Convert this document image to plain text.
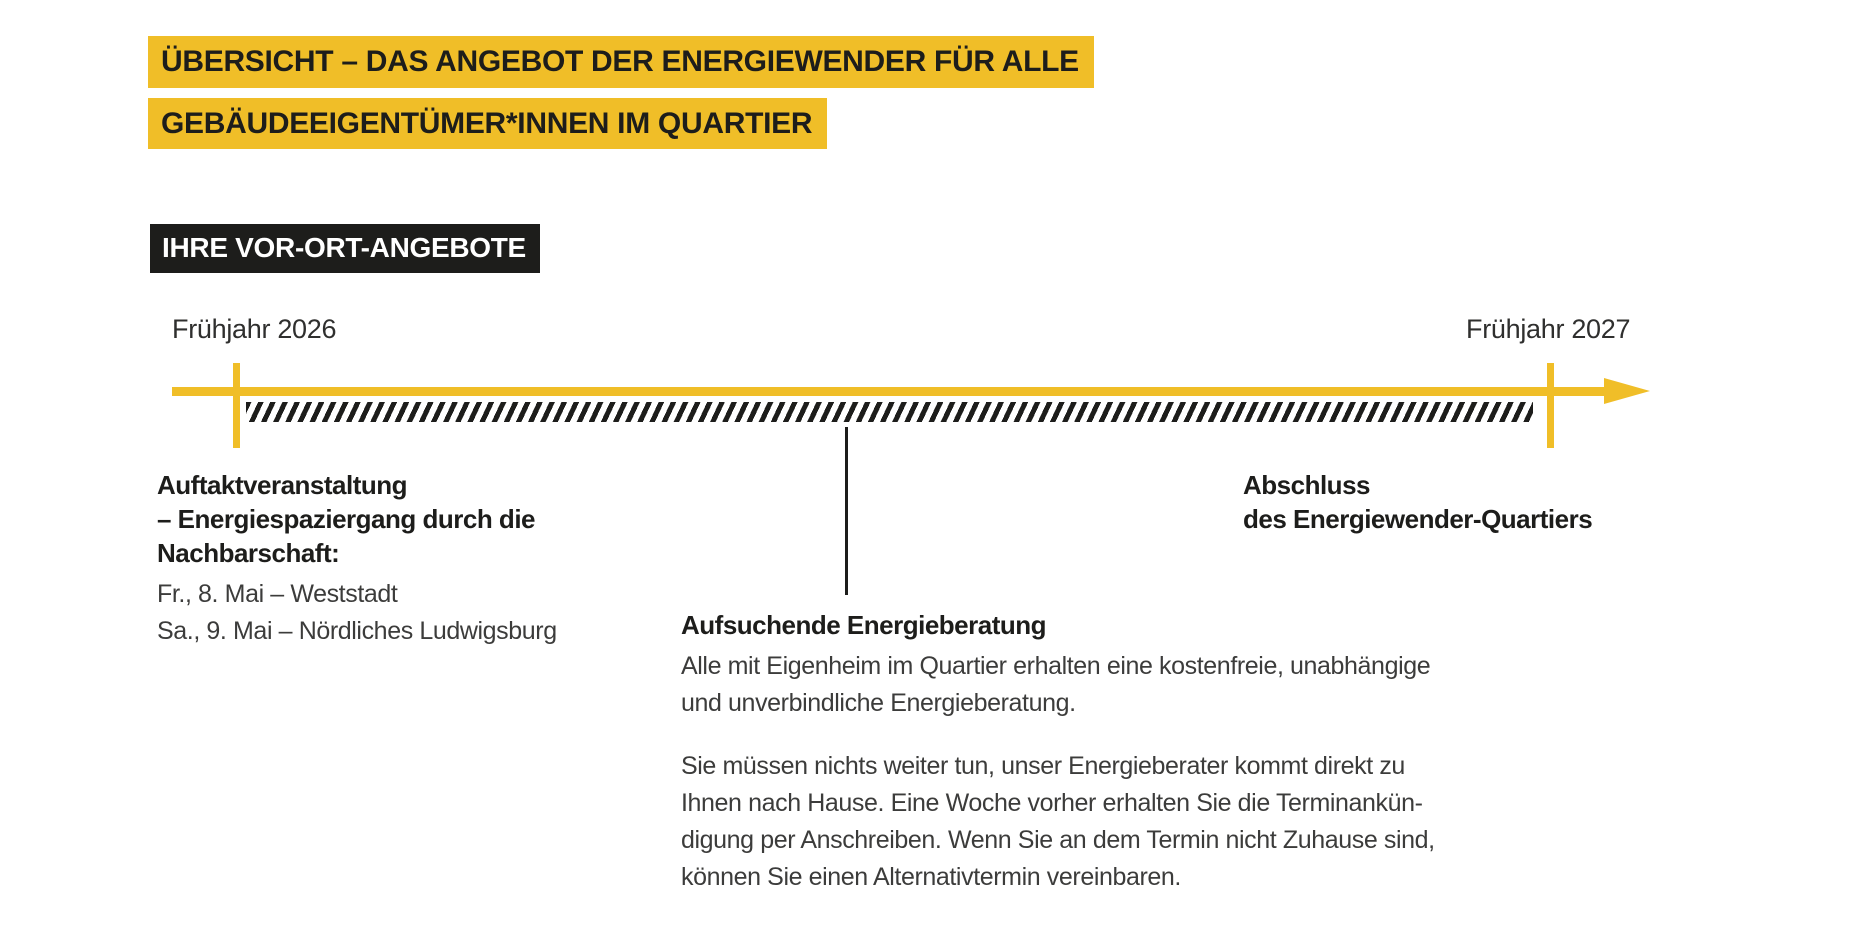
ÜBERSICHT – DAS ANGEBOT DER ENERGIEWENDER FÜR ALLE
GEBÄUDEEIGENTÜMER*INNEN IM QUARTIER
IHRE VOR-ORT-ANGEBOTE
Frühjahr 2026	Frühjahr 2027
Auftaktveranstaltung
– Energiespaziergang durch die
Nachbarschaft:
Fr., 8. Mai – Weststadt
Sa., 9. Mai – Nördliches Ludwigsburg
Abschluss
des Energiewender-Quartiers
Aufsuchende Energieberatung
Alle mit Eigenheim im Quartier erhalten eine kostenfreie, unabhängige
und unverbindliche Energieberatung.
Sie müssen nichts weiter tun, unser Energieberater kommt direkt zu
Ihnen nach Hause. Eine Woche vorher erhalten Sie die Terminankün-
digung per Anschreiben. Wenn Sie an dem Termin nicht Zuhause sind,
können Sie einen Alternativtermin vereinbaren.
